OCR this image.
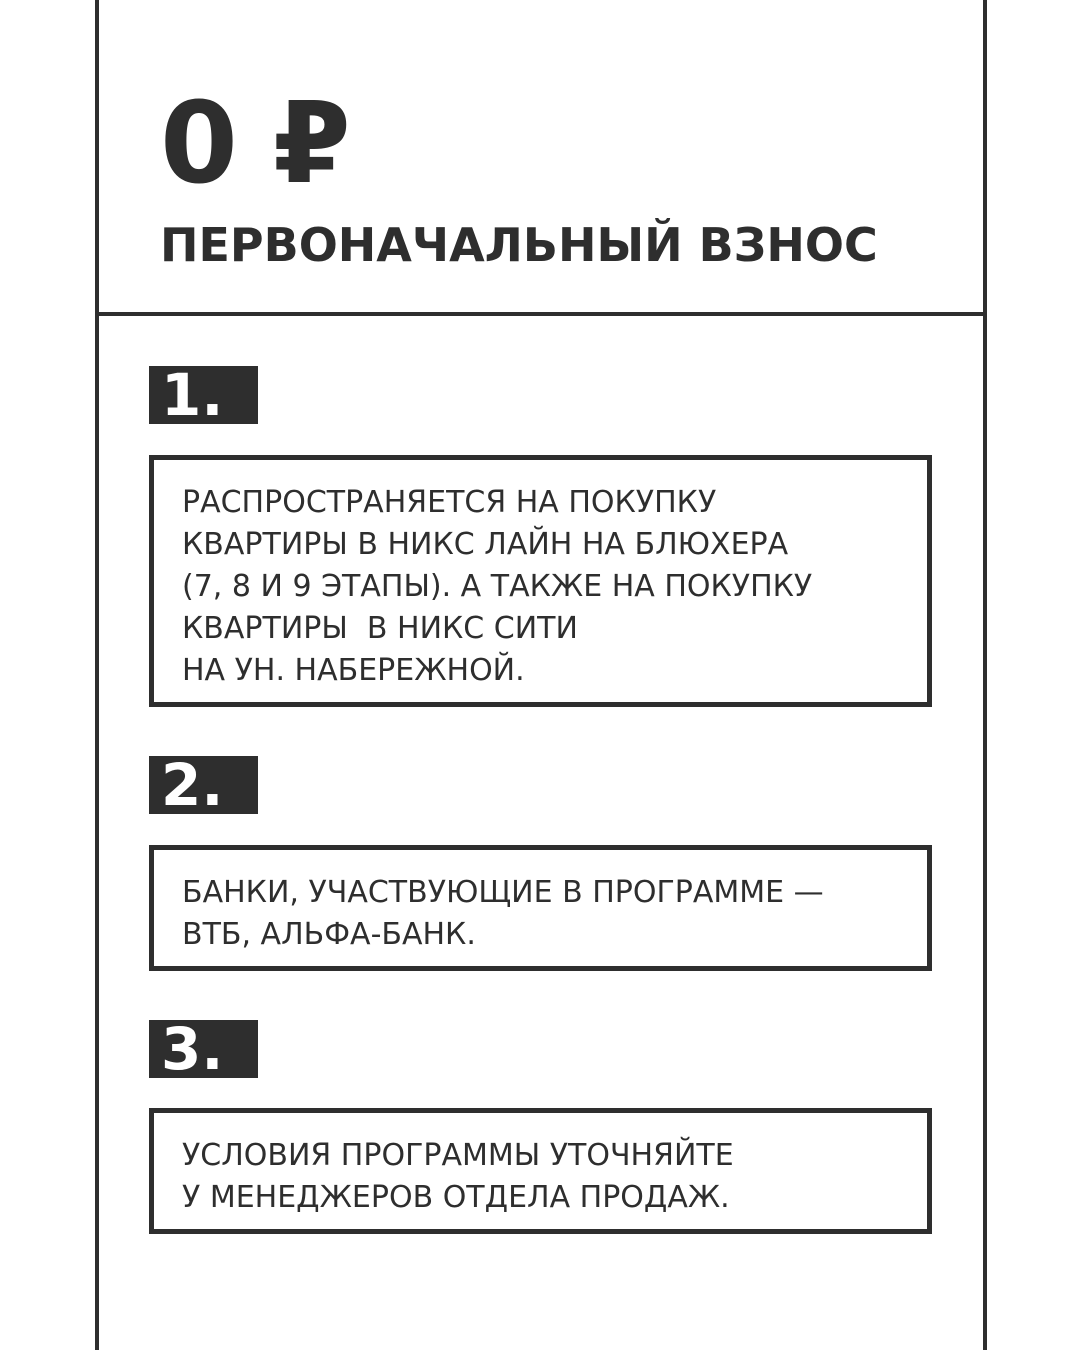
0 ₽
ПЕРВОНАЧАЛЬНЫЙ ВЗНОС
1.
РАСПРОСТРАНЯЕТСЯ НА ПОКУПКУ
КВАРТИРЫ В НИКС ЛАЙН НА БЛЮХЕРА
(7, 8 И 9 ЭТАПЫ). А ТАКЖЕ НА ПОКУПКУ
КВАРТИРЫ  В НИКС СИТИ
НА УН. НАБЕРЕЖНОЙ.
2.
БАНКИ, УЧАСТВУЮЩИЕ В ПРОГРАММЕ —
ВТБ, АЛЬФА-БАНК.
3.
УСЛОВИЯ ПРОГРАММЫ УТОЧНЯЙТЕ
У МЕНЕДЖЕРОВ ОТДЕЛА ПРОДАЖ.
